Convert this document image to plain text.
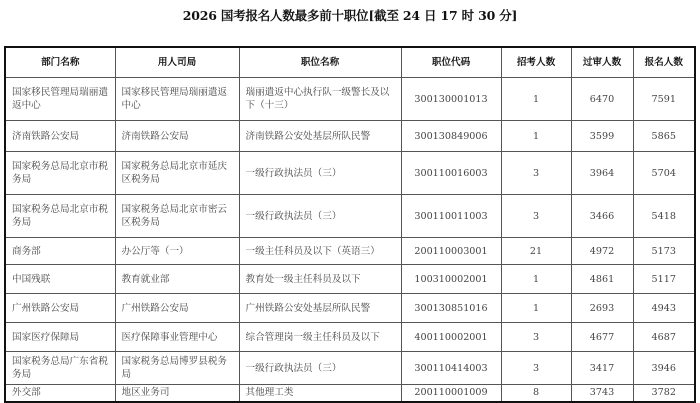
2026 国考报名人数最多前十职位[截至 24 日 17 时 30 分]
部门名称	用人司局	职位名称	职位代码	招考人数	过审人数	报名人数
国家移民管理局瑞丽遣返中心	国家移民管理局瑞丽遣返中心	瑞丽遣返中心执行队一级警长及以下（十三）	300130001013	1	6470	7591
济南铁路公安局	济南铁路公安局	济南铁路公安处基层所队民警	300130849006	1	3599	5865
国家税务总局北京市税务局	国家税务总局北京市延庆区税务局	一级行政执法员（三）	300110016003	3	3964	5704
国家税务总局北京市税务局	国家税务总局北京市密云区税务局	一级行政执法员（三）	300110011003	3	3466	5418
商务部	办公厅等（一）	一级主任科员及以下（英语三）	200110003001	21	4972	5173
中国残联	教育就业部	教育处一级主任科员及以下	100310002001	1	4861	5117
广州铁路公安局	广州铁路公安局	广州铁路公安处基层所队民警	300130851016	1	2693	4943
国家医疗保障局	医疗保障事业管理中心	综合管理岗一级主任科员及以下	400110002001	3	4677	4687
国家税务总局广东省税务局	国家税务总局博罗县税务局	一级行政执法员（三）	300110414003	3	3417	3946
外交部	地区业务司	其他理工类	200110001009	8	3743	3782
